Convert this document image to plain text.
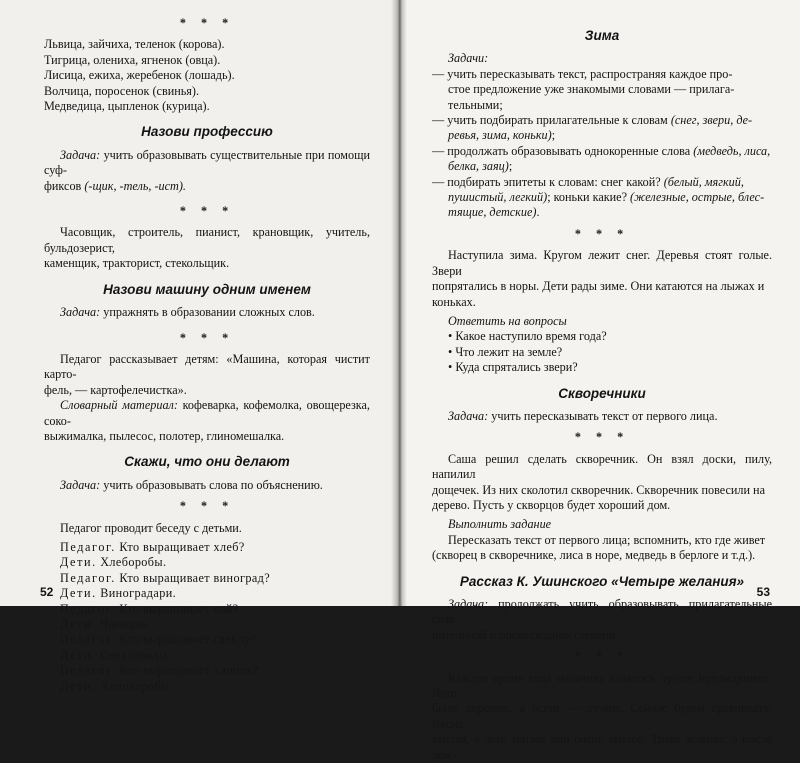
* * *
Львица, зайчиха, теленок (корова).
Тигрица, олениха, ягненок (овца).
Лисица, ежиха, жеребенок (лошадь).
Волчица, поросенок (свинья).
Медведица, цыпленок (курица).
Назови профессию

Задача: учить образовывать существительные при помощи суф-

фиксов (-щик, -тель, -ист).

* * *

Часовщик, строитель, пианист, крановщик, учитель, бульдозерист,
каменщик, тракторист, стекольщик.

Назови машину одним именем

Задача: упражнять в образовании сложных слов.

* * *

Педагог рассказывает детям: «Машина, которая чистит карто-

фель, — картофелечистка».

Словарный материал: кофеварка, кофемолка, овощерезка, соко-

выжималка, пылесос, полотер, глиномешалка.

Скажи, что они делают

Задача: учить образовывать слова по объяснению.

* * *

Педагог проводит беседу с детьми.

Педагог. Кто выращивает хлеб?
Дети. Хлеборобы.
Педагог. Кто выращивает виноград?
Дети. Виноградари.
Педагог. Кто выращивает чай?
Дети. Чаеводы.
Педагог. Кто выращивает свеклу?
Дети. Свекловоды.
Педагог. Кто выращивает хлопок?
Дети. Хлопкоробы.
52
Зима

Задачи:

— учить пересказывать текст, распространяя каждое про-
стое предложение уже знакомыми словами — прилага-
тельными;
— учить подбирать прилагательные к словам (снег, звери, де-
ревья, зима, коньки);
— продолжать образовывать однокоренные слова (медведь, лиса,
белка, заяц);
— подбирать эпитеты к словам: снег какой? (белый, мягкий,
пушистый, легкий); коньки какие? (железные, острые, блес-
тящие, детские).
* * *

Наступила зима. Кругом лежит снег. Деревья стоят голые. Звери

попрятались в норы. Дети рады зиме. Они катаются на лыжах и
коньках.

Ответить на вопросы

• Какое наступило время года?
• Что лежит на земле?
• Куда спрятались звери?
Скворечники

Задача: учить пересказывать текст от первого лица.

* * *

Саша решил сделать скворечник. Он взял доски, пилу, напилил

дощечек. Из них сколотил скворечник. Скворечник повесили на
дерево. Пусть у скворцов будет хороший дом.

Выполнить задание

Пересказать текст от первого лица; вспомнить, кто где живет

(скворец в скворечнике, лиса в норе, медведь в берлоге и т.д.).

Рассказ К. Ушинского «Четыре желания»

Задача: продолжать учить образовывать прилагательные срав-

нительной и превосходной степени.

* * *

Каждое время года мальчику казалось лучше предыдущего. Лето

было хорошее, а осень — лучше. Сейчас будем сравнивать. Весна
теплая, а лето теплее или очень теплое. Трава зеленая, а после дож-

53
